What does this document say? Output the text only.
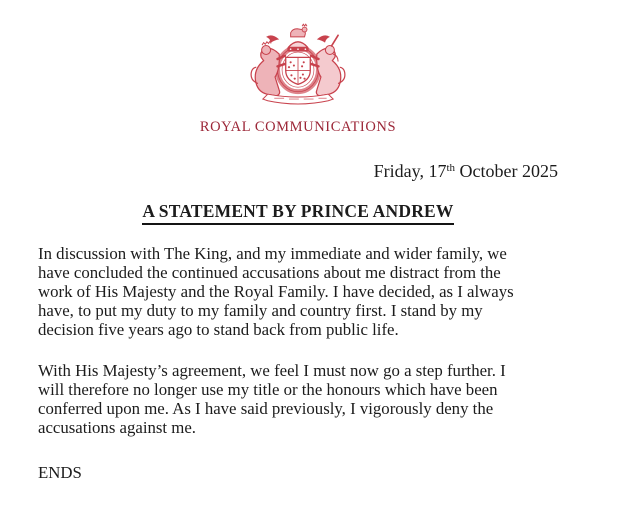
ROYAL COMMUNICATIONS
Friday, 17th October 2025
A STATEMENT BY PRINCE ANDREW
In discussion with The King, and my immediate and wider family, we
have concluded the continued accusations about me distract from the
work of His Majesty and the Royal Family. I have decided, as I always
have, to put my duty to my family and country first. I stand by my
decision five years ago to stand back from public life.
With His Majesty’s agreement, we feel I must now go a step further. I
will therefore no longer use my title or the honours which have been
conferred upon me. As I have said previously, I vigorously deny the
accusations against me.
ENDS
